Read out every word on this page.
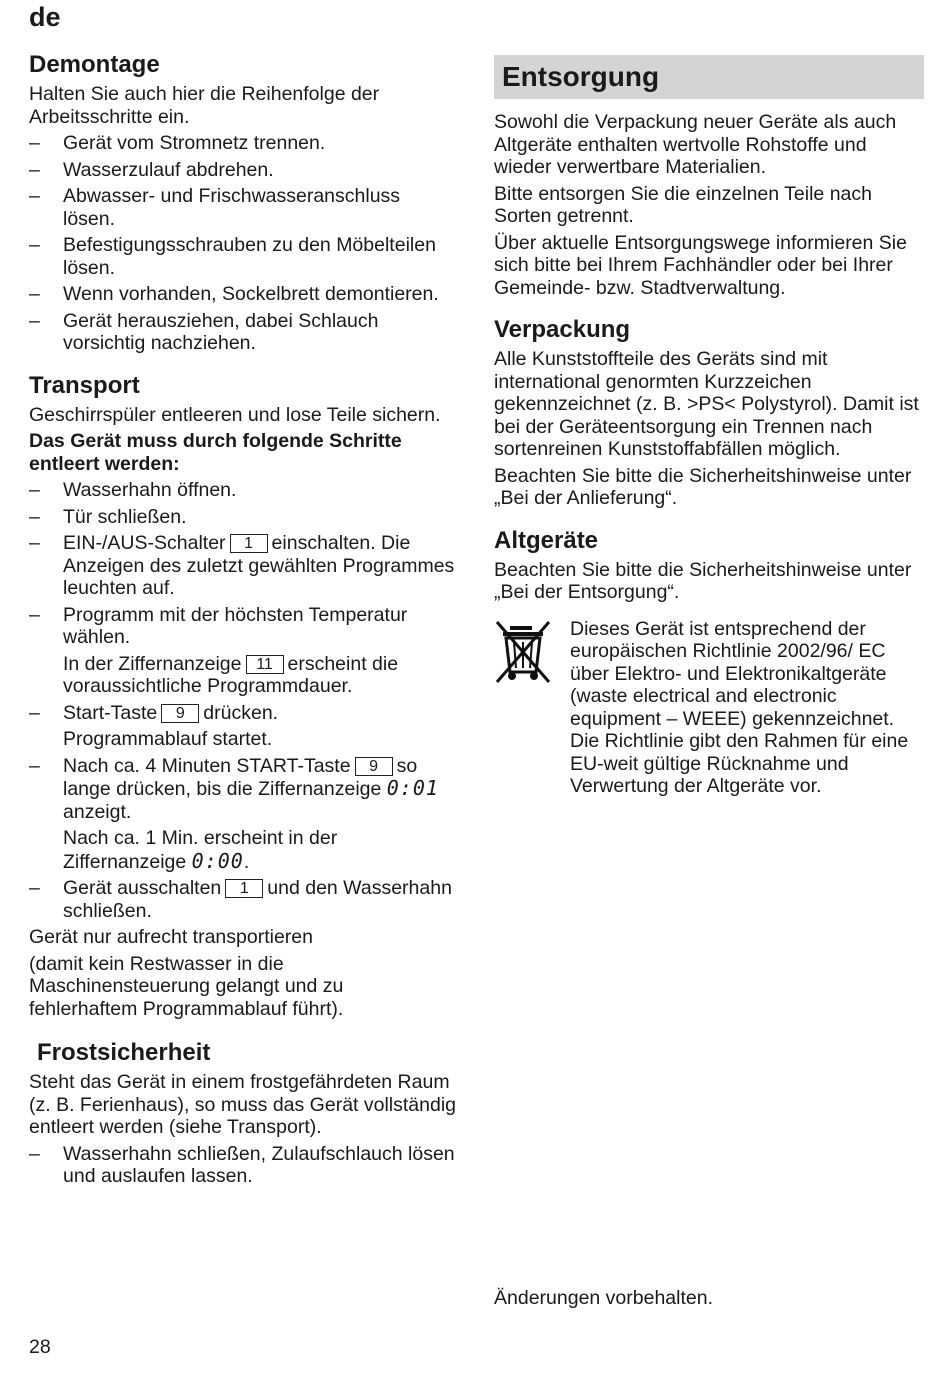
de
Demontage

Halten Sie auch hier die Reihenfolge der Arbeitsschritte ein.

– Gerät vom Stromnetz trennen.
– Wasserzulauf abdrehen.
– Abwasser- und Frischwasseranschluss lösen.
– Befestigungsschrauben zu den Möbelteilen lösen.
– Wenn vorhanden, Sockelbrett demontieren.
– Gerät herausziehen, dabei Schlauch vorsichtig nachziehen.
Transport

Geschirrspüler entleeren und lose Teile sichern.

Das Gerät muss durch folgende Schritte entleert werden:

– Wasserhahn öffnen.
– Tür schließen.
– EIN-/AUS-Schalter 1 einschalten. Die Anzeigen des zuletzt gewählten Programmes leuchten auf.
– Programm mit der höchsten Temperatur wählen.
In der Ziffernanzeige 11 erscheint die voraussichtliche Programmdauer.
– Start-Taste 9 drücken.
Programmablauf startet.
– Nach ca. 4 Minuten START-Taste 9 so lange drücken, bis die Ziffernanzeige 0:01 anzeigt.
Nach ca. 1 Min. erscheint in der Ziffernanzeige 0:00.
– Gerät ausschalten 1 und den Wasserhahn schließen.

Gerät nur aufrecht transportieren

(damit kein Restwasser in die Maschinensteuerung gelangt und zu fehlerhaftem Programmablauf führt).

Frostsicherheit

Steht das Gerät in einem frostgefährdeten Raum (z. B. Ferienhaus), so muss das Gerät vollständig entleert werden (siehe Transport).

– Wasserhahn schließen, Zulaufschlauch lösen und auslaufen lassen.
Entsorgung

Sowohl die Verpackung neuer Geräte als auch Altgeräte enthalten wertvolle Rohstoffe und wieder verwertbare Materialien.

Bitte entsorgen Sie die einzelnen Teile nach Sorten getrennt.

Über aktuelle Entsorgungswege informieren Sie sich bitte bei Ihrem Fachhändler oder bei Ihrer Gemeinde- bzw. Stadtverwaltung.

Verpackung

Alle Kunststoffteile des Geräts sind mit international genormten Kurzzeichen gekennzeichnet (z. B. >PS< Polystyrol). Damit ist bei der Geräteentsorgung ein Trennen nach sortenreinen Kunststoffabfällen möglich.

Beachten Sie bitte die Sicherheitshinweise unter „Bei der Anlieferung“.

Altgeräte

Beachten Sie bitte die Sicherheitshinweise unter „Bei der Entsorgung“.

Dieses Gerät ist entsprechend der europäischen Richtlinie 2002/96/ EC über Elektro- und Elektronikaltgeräte (waste electrical and electronic equipment – WEEE) gekennzeichnet. Die Richtlinie gibt den Rahmen für eine EU-weit gültige Rücknahme und Verwertung der Altgeräte vor.

Änderungen vorbehalten.
28
